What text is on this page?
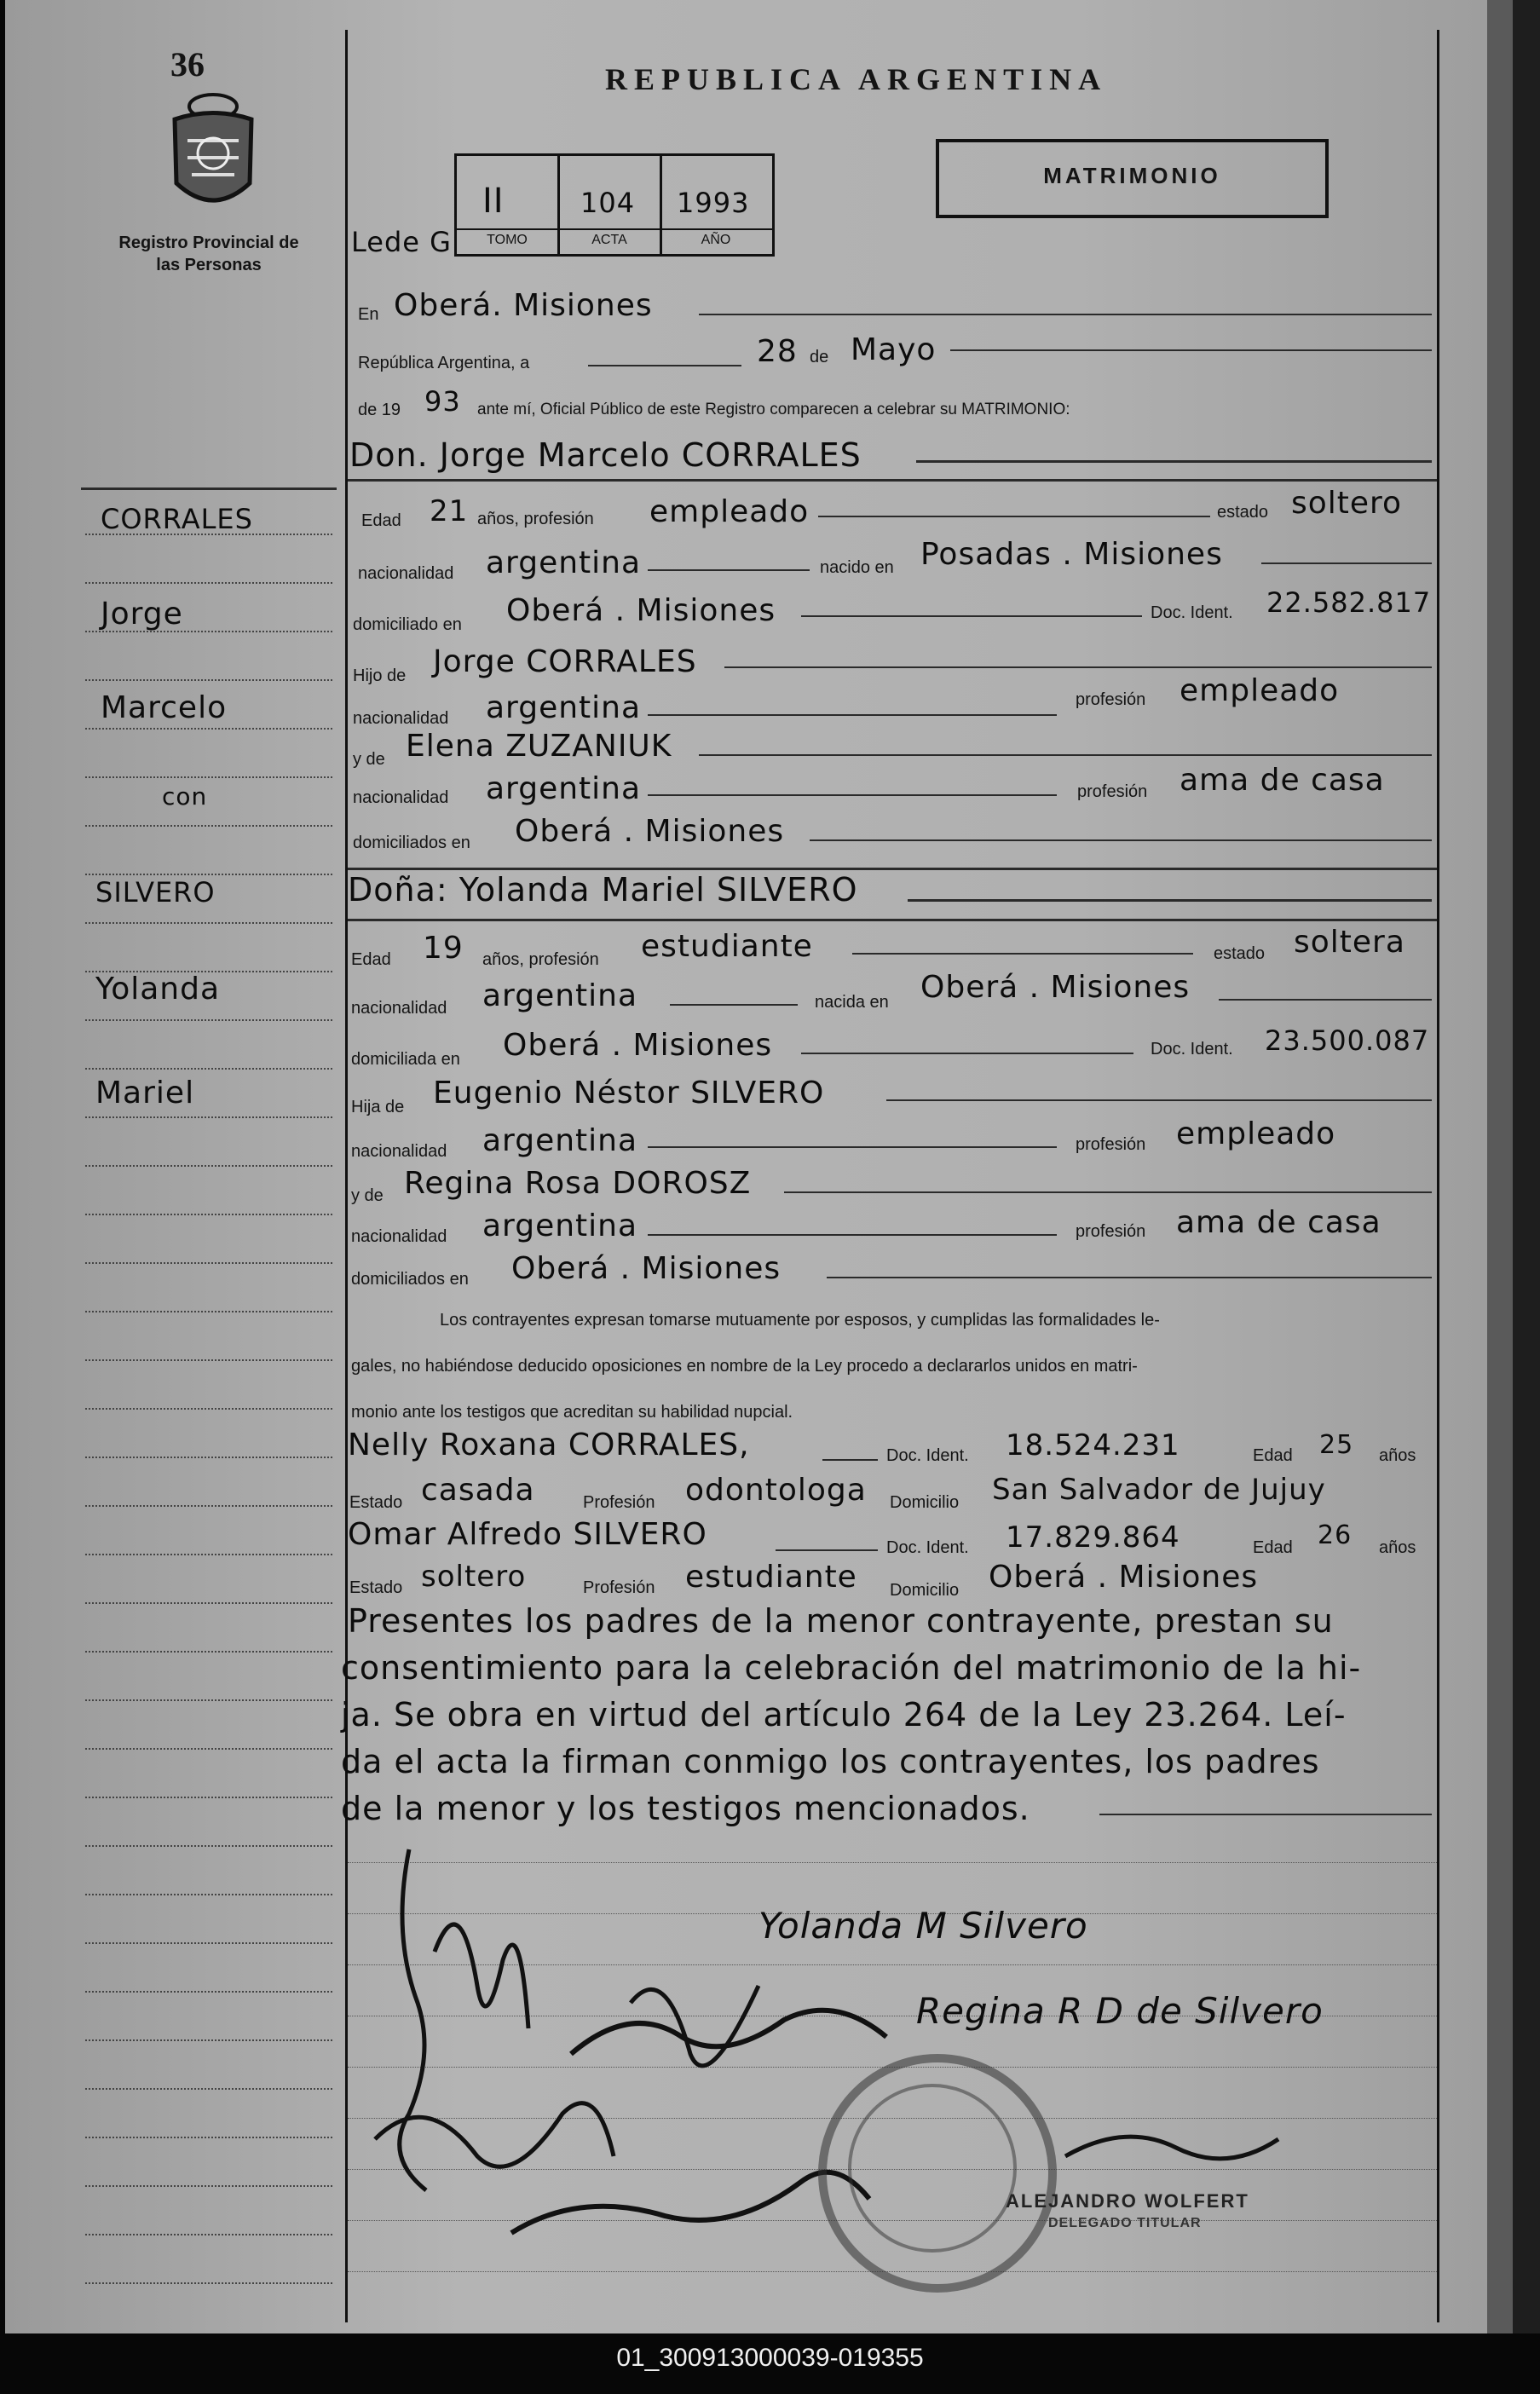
36
Registro Provincial de las Personas
REPUBLICA ARGENTINA
MATRIMONIO
Lede G
II	104 1993
TOMO	ACTA	AÑO
En Oberá. Misiones
República Argentina, a	28 de Mayo
de 19 93 ante mí, Oficial Público de este Registro comparecen a celebrar su MATRIMONIO:
Don. Jorge Marcelo CORRALES
Edad 21 años, profesión empleado	estado soltero
nacionalidad argentina	nacido en Posadas . Misiones
domiciliado en Oberá . Misiones	Doc. Ident. 22.582.817
Hijo de Jorge CORRALES
nacionalidad argentina	profesión empleado
y de Elena ZUZANIUK
nacionalidad argentina	profesión ama de casa
domiciliados en Oberá . Misiones
Doña: Yolanda Mariel SILVERO
Edad 19 años, profesión estudiante	estado soltera
nacionalidad argentina	nacida en Oberá . Misiones
domiciliada en Oberá . Misiones	Doc. Ident. 23.500.087
Hija de Eugenio Néstor SILVERO
nacionalidad argentina	profesión empleado
y de Regina Rosa DOROSZ
nacionalidad argentina	profesión ama de casa
domiciliados en Oberá . Misiones
Los contrayentes expresan tomarse mutuamente por esposos, y cumplidas las formalidades le-
gales, no habiéndose deducido oposiciones en nombre de la Ley procedo a declararlos unidos en matri-
monio ante los testigos que acreditan su habilidad nupcial.
Nelly Roxana CORRALES,	Doc. Ident. 18.524.231	Edad 25 años
Estado casada	Profesión odontologa Domicilio San Salvador de Jujuy
Omar Alfredo SILVERO	Doc. Ident. 17.829.864	Edad 26 años
Estado soltero	Profesión estudiante Domicilio Oberá . Misiones
Presentes los padres de la menor contrayente, prestan su
consentimiento para la celebración del matrimonio de la hi-
ja. Se obra en virtud del artículo 264 de la Ley 23.264. Leí-
da el acta la firman conmigo los contrayentes, los padres
de la menor y los testigos mencionados.
Yolanda M Silvero
Regina R D de Silvero
ALEJANDRO WOLFERT
DELEGADO TITULAR
CORRALES
Jorge
Marcelo
con
SILVERO
Yolanda
Mariel
01_300913000039-019355
